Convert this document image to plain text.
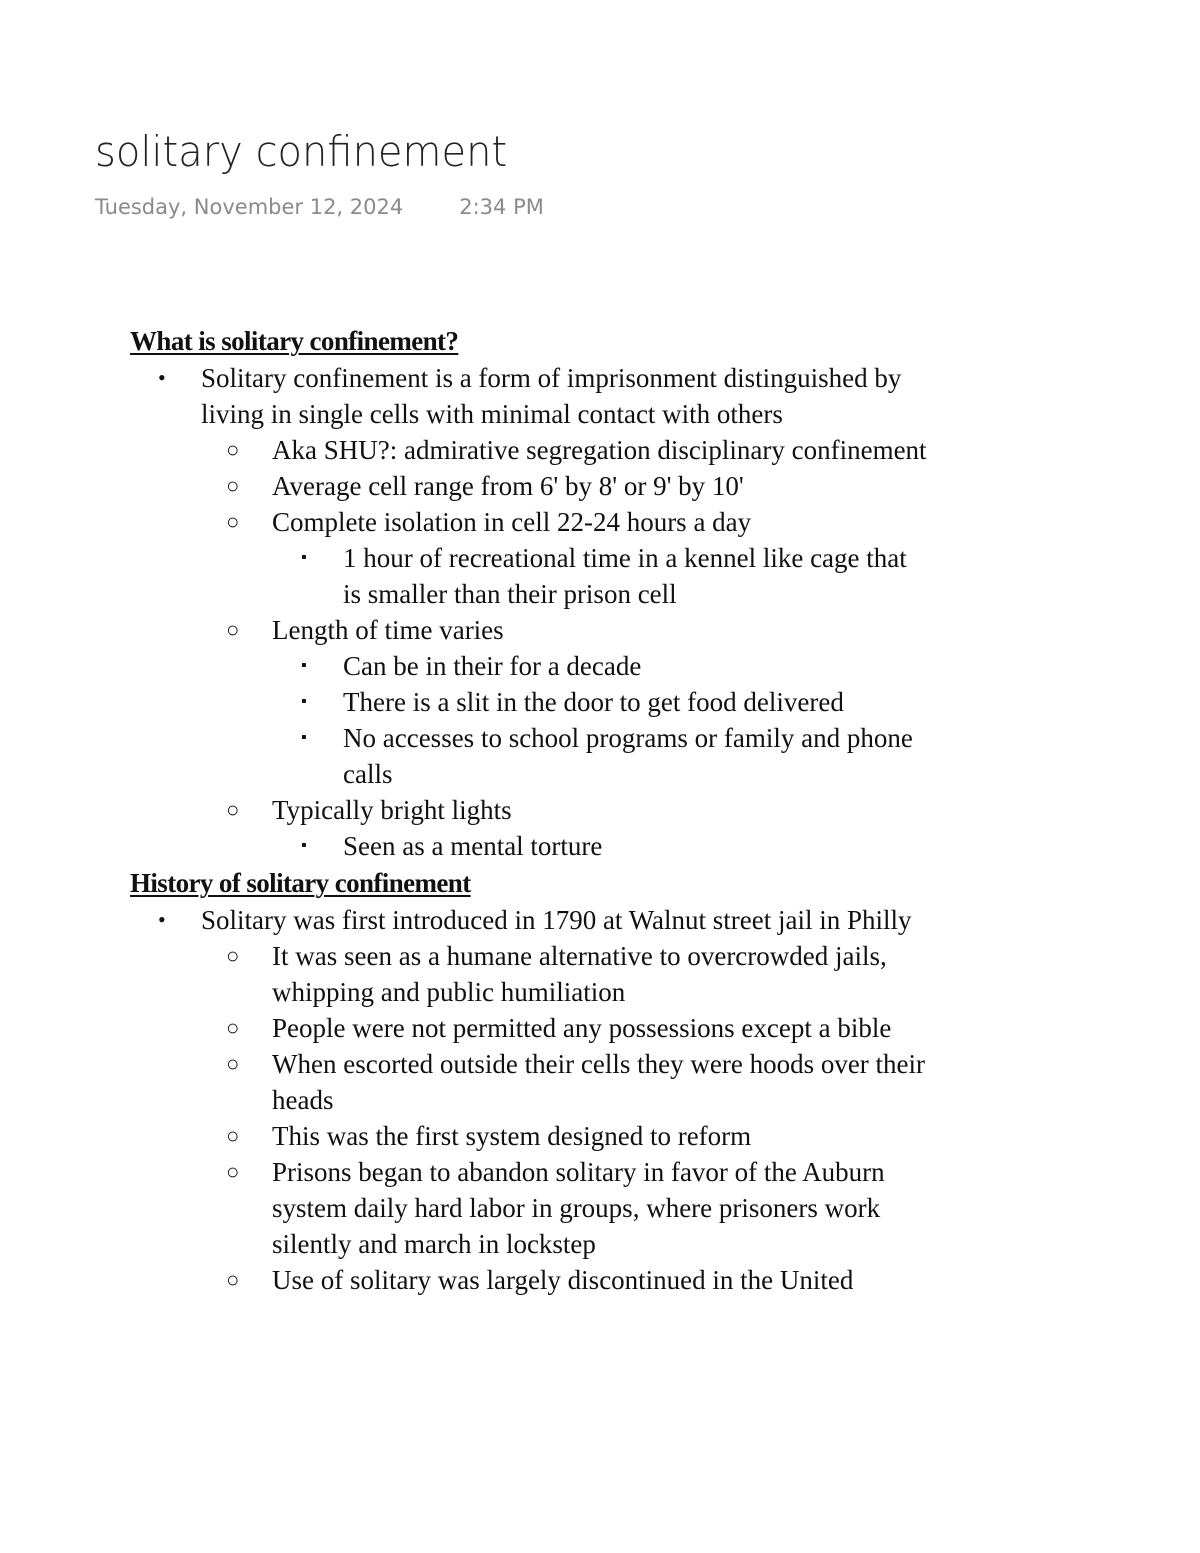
solitary confinement
Tuesday, November 12, 2024	2:34 PM
What is solitary confinement?
• Solitary confinement is a form of imprisonment distinguished by living in single cells with minimal contact with others
○ Aka SHU?: admirative segregation disciplinary confinement
○ Average cell range from 6' by 8' or 9' by 10'
○ Complete isolation in cell 22-24 hours a day
▪ 1 hour of recreational time in a kennel like cage that is smaller than their prison cell
○ Length of time varies
▪ Can be in their for a decade
▪ There is a slit in the door to get food delivered
▪ No accesses to school programs or family and phone calls
○ Typically bright lights
▪ Seen as a mental torture
History of solitary confinement
• Solitary was first introduced in 1790 at Walnut street jail in Philly
○ It was seen as a humane alternative to overcrowded jails, whipping and public humiliation
○ People were not permitted any possessions except a bible
○ When escorted outside their cells they were hoods over their heads
○ This was the first system designed to reform
○ Prisons began to abandon solitary in favor of the Auburn system daily hard labor in groups, where prisoners work silently and march in lockstep
○ Use of solitary was largely discontinued in the United
